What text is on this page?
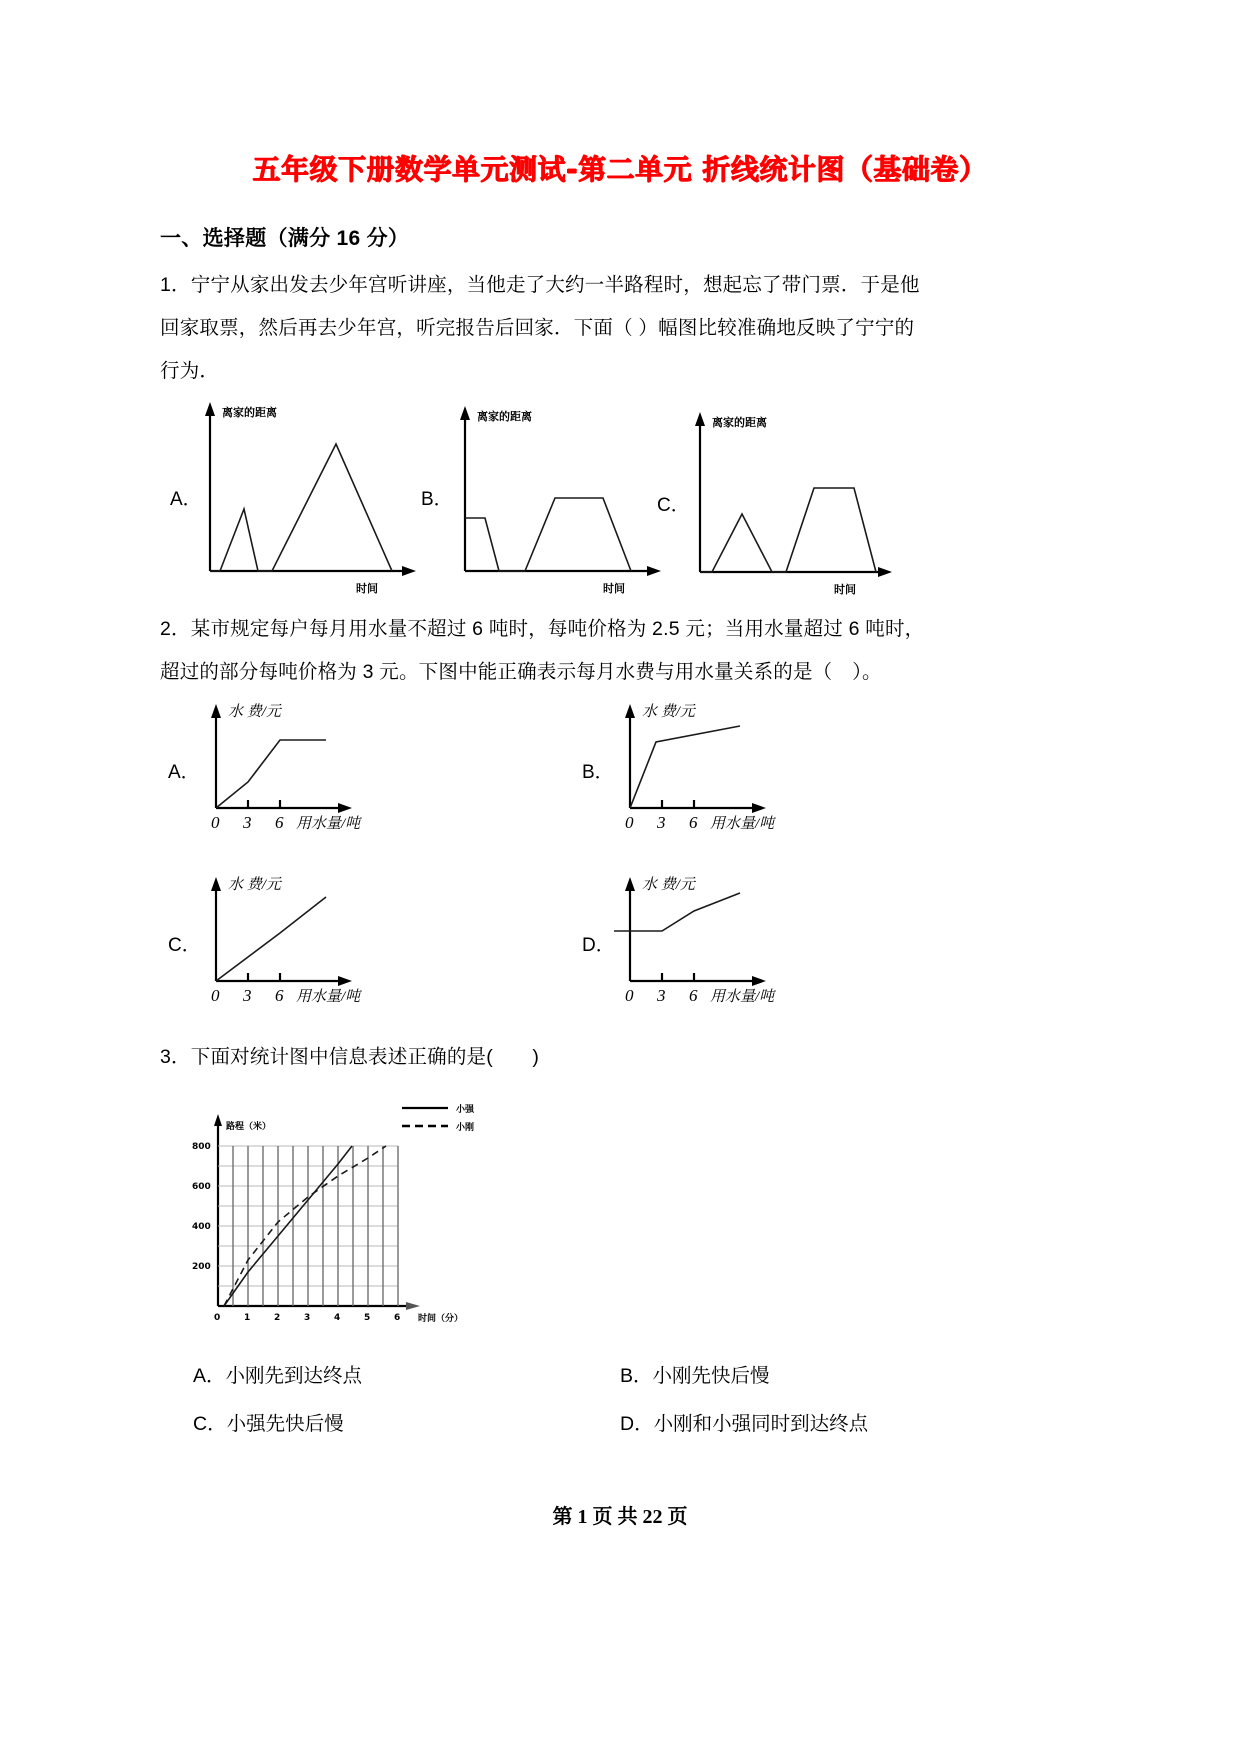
五年级下册数学单元测试-第二单元 折线统计图（基础卷）
一、选择题（满分 16 分）
1．宁宁从家出发去少年宫听讲座，当他走了大约一半路程时，想起忘了带门票．于是他
回家取票，然后再去少年宫，听完报告后回家．下面（ ）幅图比较准确地反映了宁宁的
行为．
A．
离家的距离
时间
B．
离家的距离
时间
C．
离家的距离
时间
2．某市规定每户每月用水量不超过 6 吨时，每吨价格为 2.5 元；当用水量超过 6 吨时，
超过的部分每吨价格为 3 元。下图中能正确表示每月水费与用水量关系的是（　）。
A．
水 费/元
0 3 6 用水量/吨
B．
水 费/元
0 3 6 用水量/吨
C．
水 费/元
0 3 6 用水量/吨
D．
水 费/元
0 3 6 用水量/吨
3．下面对统计图中信息表述正确的是(　　)
800
600
400
200
0	1	2	3	4	5	6 时间（分）
路程（米）
小强
小刚
A．小刚先到达终点	B．小刚先快后慢
C．小强先快后慢	D．小刚和小强同时到达终点
第 1 页 共 22 页
